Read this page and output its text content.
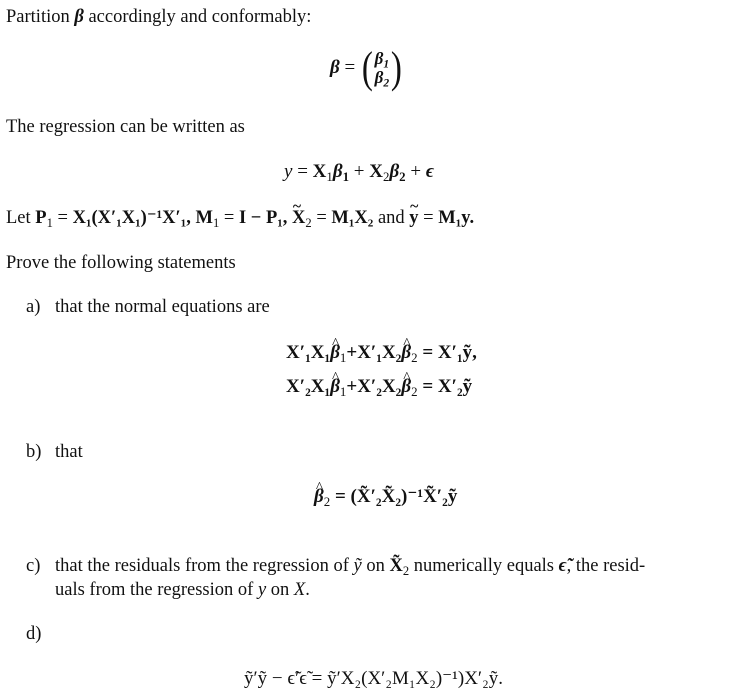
Partition β accordingly and conformably:
β = ( $\beta_1$
$\beta_2$)
The regression can be written as
$y = X_1\beta_1 + X_2\beta_2 + \epsilon$
Let $P_1 = X_1(X'_1X_1)^{-1}X'_1$, $M_1 = I - P_1$, ~ $X_2 = M_1X_2$ and ~ y = M₁y.
Prove the following statements
a) that the normal equations are
X′₁X₁^ $\beta_1+X'_1X_2\^{}$ $\beta_2$ = X′₁ỹ,
X′₂X₁^ $\beta_1+X'_2X_2\^{}$ $\beta_2$ = X′₂ỹ
b) that
^ $\beta_2$ = (X̃′₂X̃₂)⁻¹X̃′₂ỹ
c) that the residuals from the regression of ỹ on $X̃_2$ numerically equals ϵ̃, the resid-
uals from the regression of y on X.
d)
ỹ′ỹ − ϵ̃′ϵ̃ = ỹ′X₂(X′₂M₁X₂)⁻¹)X′₂ỹ.
